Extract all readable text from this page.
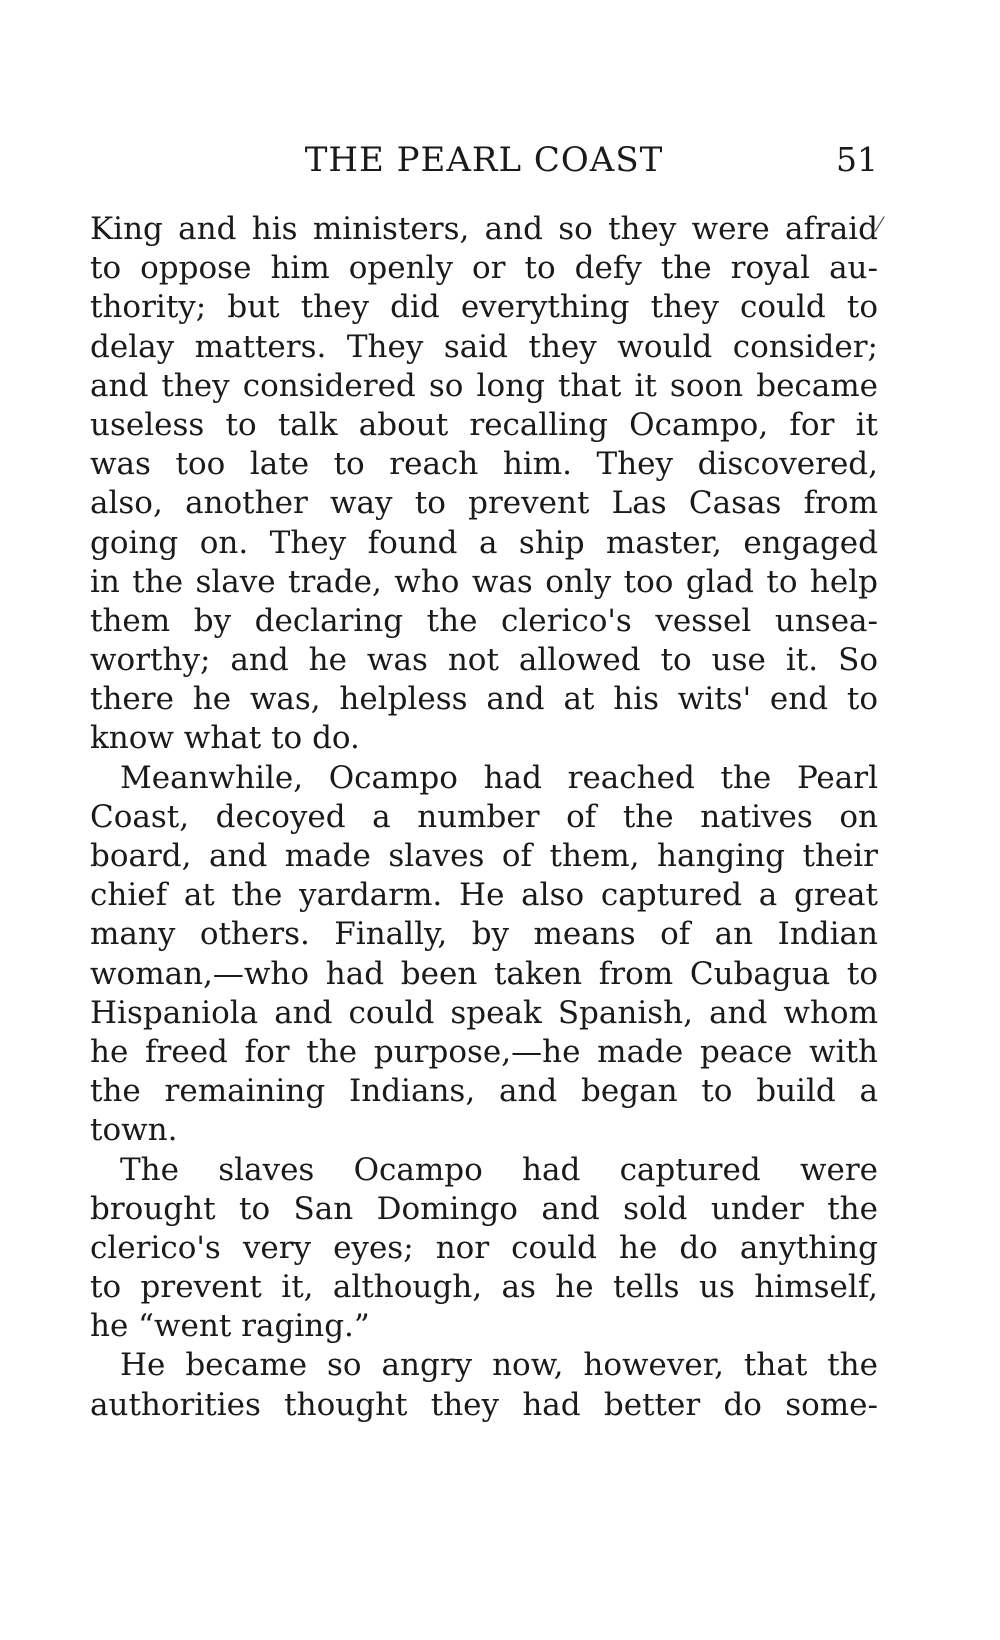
THE PEARL COAST	51
⁄
King and his ministers, and so they were afraid
to oppose him openly or to defy the royal au-
thority; but they did everything they could to
delay matters. They said they would consider;
and they considered so long that it soon became
useless to talk about recalling Ocampo, for it
was too late to reach him. They discovered,
also, another way to prevent Las Casas from
going on. They found a ship master, engaged
in the slave trade, who was only too glad to help
them by declaring the clerico's vessel unsea-
worthy; and he was not allowed to use it. So
there he was, helpless and at his wits' end to
know what to do.
Meanwhile, Ocampo had reached the Pearl
Coast, decoyed a number of the natives on
board, and made slaves of them, hanging their
chief at the yardarm. He also captured a great
many others. Finally, by means of an Indian
woman,—who had been taken from Cubagua to
Hispaniola and could speak Spanish, and whom
he freed for the purpose,—he made peace with
the remaining Indians, and began to build a
town.
The slaves Ocampo had captured were
brought to San Domingo and sold under the
clerico's very eyes; nor could he do anything
to prevent it, although, as he tells us himself,
he “went raging.”
He became so angry now, however, that the
authorities thought they had better do some-
